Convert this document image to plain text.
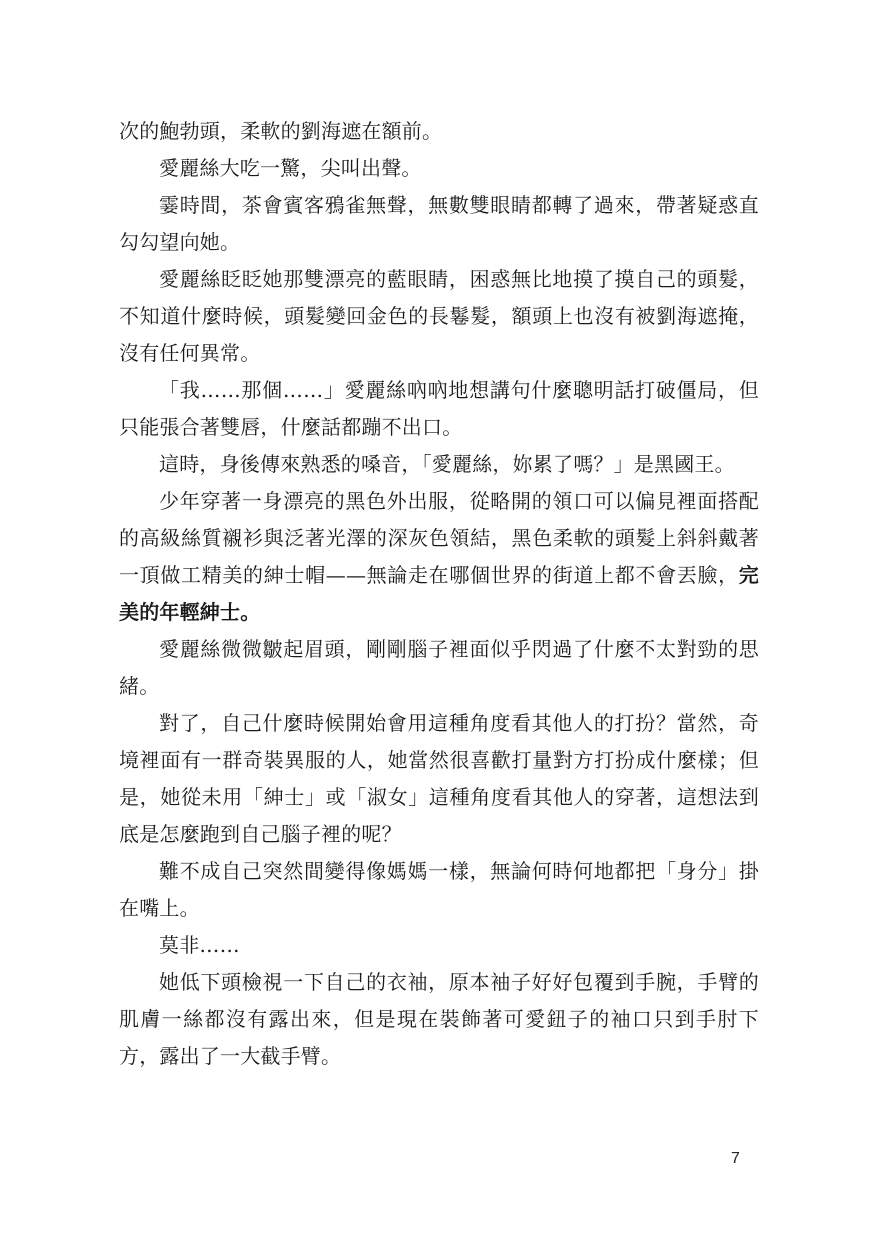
次的鮑勃頭，柔軟的劉海遮在額前。

愛麗絲大吃一驚，尖叫出聲。

霎時間，茶會賓客鴉雀無聲，無數雙眼睛都轉了過來，帶著疑惑直勾勾望向她。

愛麗絲眨眨她那雙漂亮的藍眼睛，困惑無比地摸了摸自己的頭髮，不知道什麼時候，頭髮變回金色的長鬈髮，額頭上也沒有被劉海遮掩，沒有任何異常。

「我……那個……」愛麗絲吶吶地想講句什麼聰明話打破僵局，但只能張合著雙唇，什麼話都蹦不出口。

這時，身後傳來熟悉的嗓音，「愛麗絲，妳累了嗎？」是黑國王。

少年穿著一身漂亮的黑色外出服，從略開的領口可以偏見裡面搭配的高級絲質襯衫與泛著光澤的深灰色領結，黑色柔軟的頭髮上斜斜戴著一頂做工精美的紳士帽——無論走在哪個世界的街道上都不會丟臉，完美的年輕紳士。

愛麗絲微微皺起眉頭，剛剛腦子裡面似乎閃過了什麼不太對勁的思緒。

對了，自己什麼時候開始會用這種角度看其他人的打扮？當然，奇境裡面有一群奇裝異服的人，她當然很喜歡打量對方打扮成什麼樣；但是，她從未用「紳士」或「淑女」這種角度看其他人的穿著，這想法到底是怎麼跑到自己腦子裡的呢？

難不成自己突然間變得像媽媽一樣，無論何時何地都把「身分」掛在嘴上。

莫非……

她低下頭檢視一下自己的衣袖，原本袖子好好包覆到手腕，手臂的肌膚一絲都沒有露出來，但是現在裝飾著可愛鈕子的袖口只到手肘下方，露出了一大截手臂。

7
